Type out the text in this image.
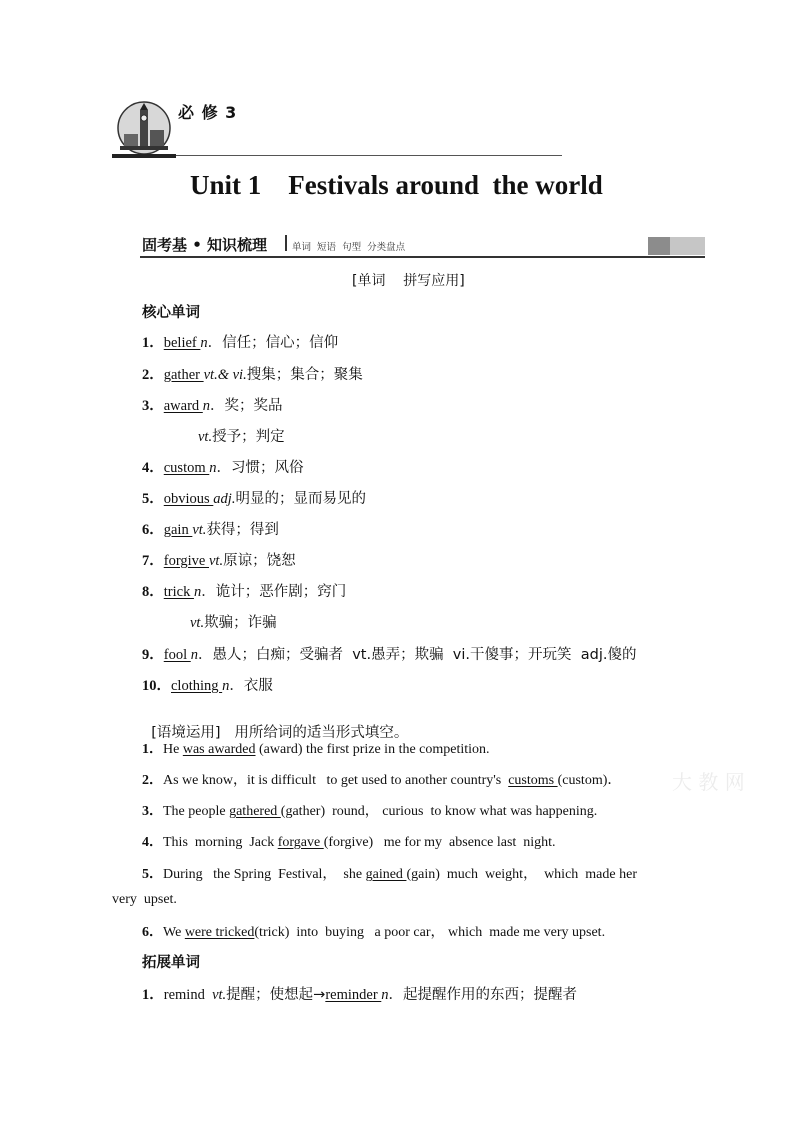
必 修 3
Unit 1    Festivals around  the world
固考基 • 知识梳理	单词  短语  句型  分类盘点
[单词    拼写应用]
核心单词
1．belief n．信任；信心；信仰
2．gather vt.& vi.搜集；集合；聚集
3．award n．奖；奖品
vt.授予；判定
4．custom n．习惯；风俗
5．obvious adj.明显的；显而易见的
6．gain vt.获得；得到
7．forgive vt.原谅；饶恕
8．trick n．诡计；恶作剧；窍门
vt.欺骗；诈骗
9．fool n．愚人；白痴；受骗者  vt.愚弄；欺骗  vi.干傻事；开玩笑  adj.傻的
10．clothing n．衣服

[语境运用] 用所给词的适当形式填空。

1．He was awarded (award) the first prize in the competition.
2．As we know，it is difficult   to get used to another country's  customs (custom)．
3．The people gathered (gather)  round， curious  to know what was happening.
4．This  morning  Jack forgave (forgive)   me for my  absence last  night.
5．During   the Spring  Festival，  she gained (gain)  much  weight，  which  made her
very  upset.
6．We were tricked(trick)  into  buying   a poor car， which  made me very upset.
大 教 网
拓展单词
1．remind  vt.提醒；使想起→reminder n．起提醒作用的东西；提醒者
